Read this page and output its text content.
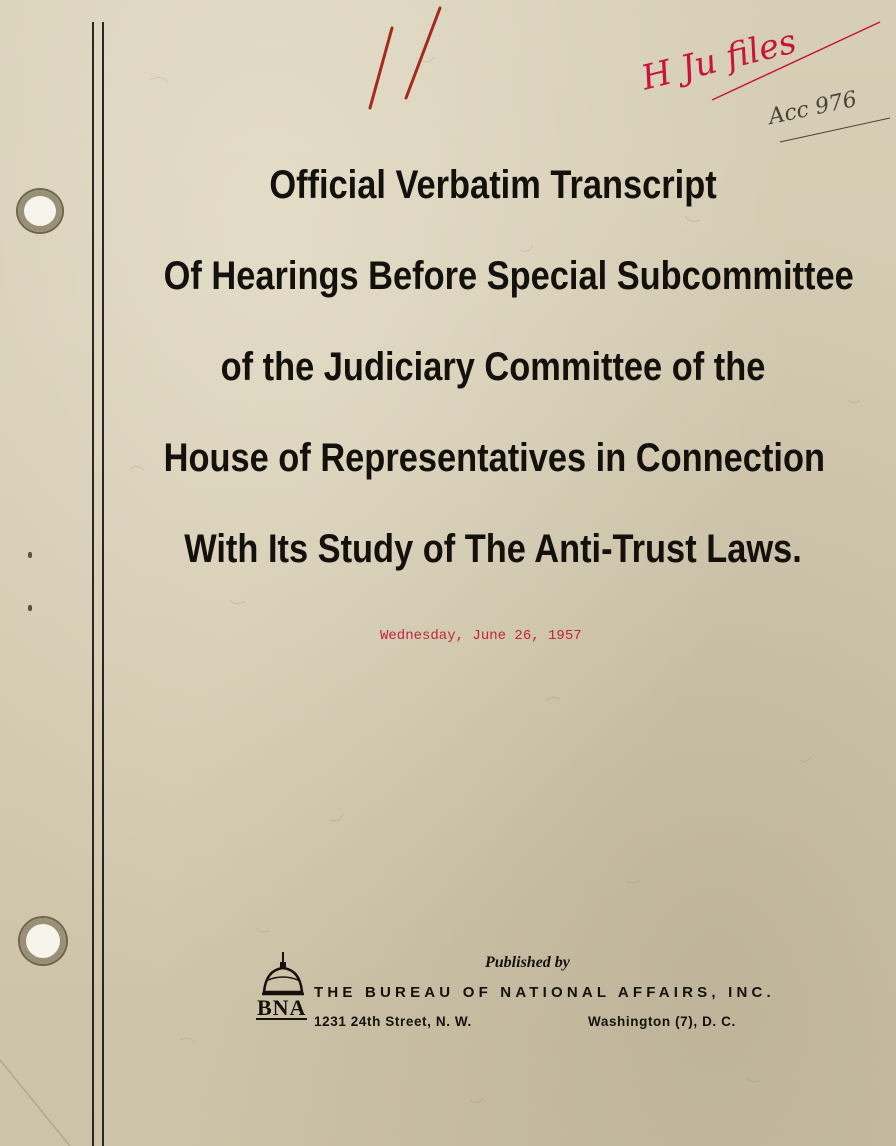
H Ju files
Acc 976
Official Verbatim Transcript
Of Hearings Before Special Subcommittee
of the Judiciary Committee of the
House of Representatives in Connection
With Its Study of The Anti-Trust Laws.
Wednesday, June 26, 1957
Published by
BNA
THE BUREAU OF NATIONAL AFFAIRS, INC.
1231 24th Street, N. W.	Washington (7), D. C.
